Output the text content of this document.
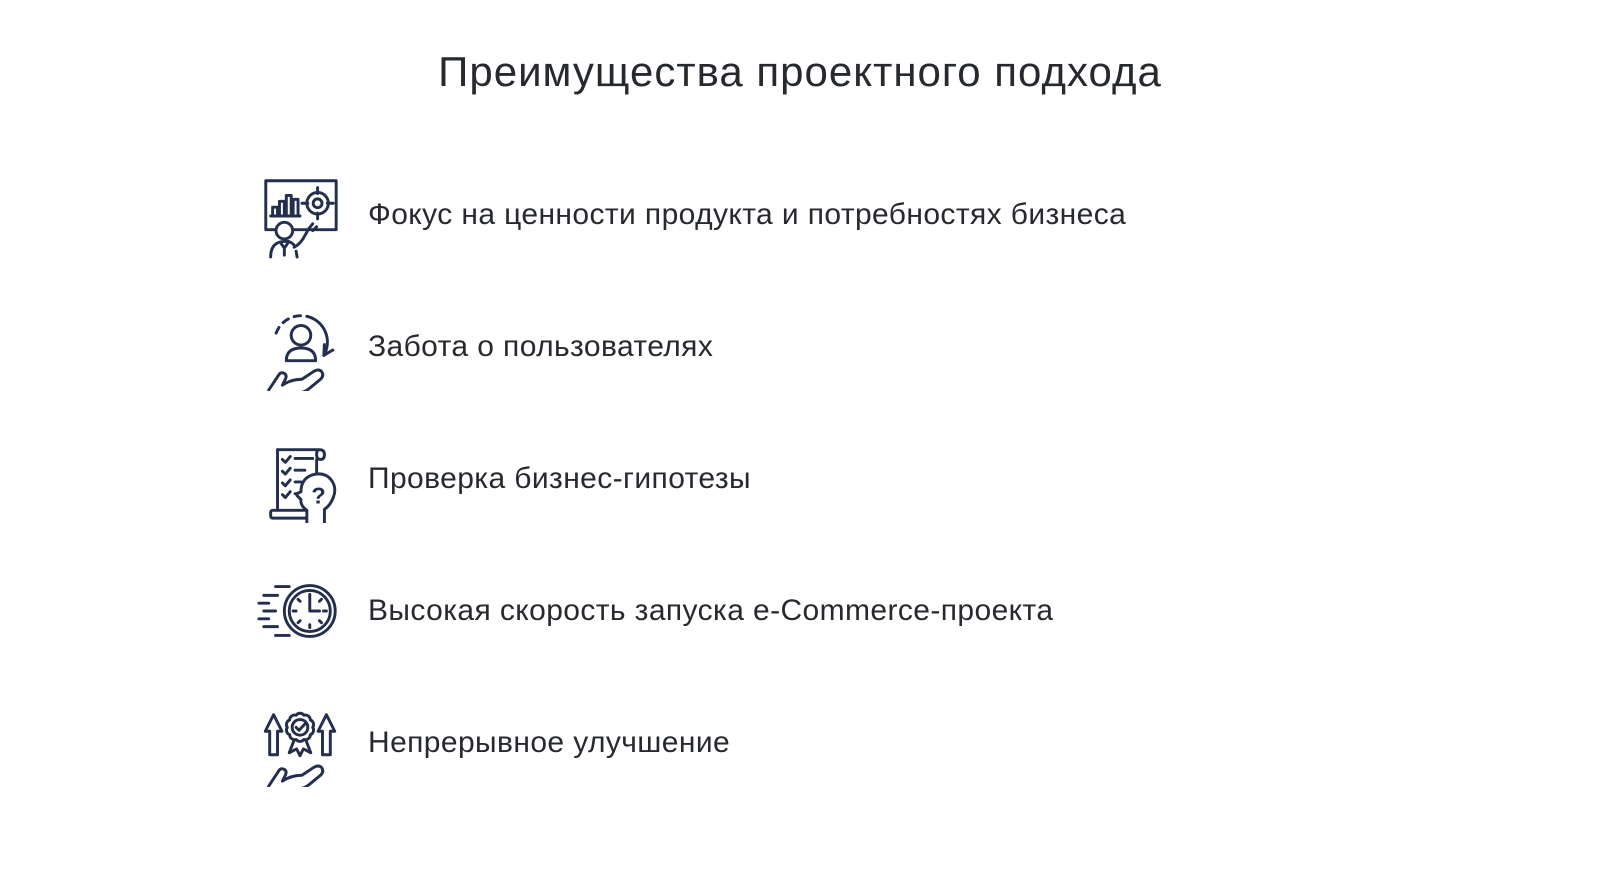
Преимущества проектного подхода
Фокус на ценности продукта и потребностях бизнеса
Забота о пользователях
?
Проверка бизнес-гипотезы
Высокая скорость запуска e-Commerce-проекта
Непрерывное улучшение
